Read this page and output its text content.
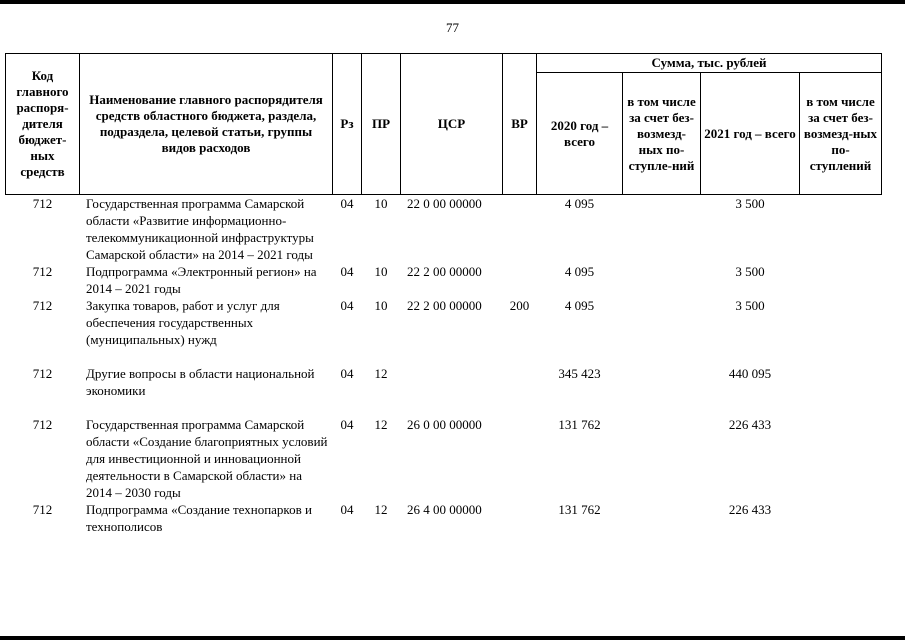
77
Код главного распоря-дителя бюджет-ных средств	Наименование главного распорядителя средств областного бюджета, раздела, подраздела, целевой статьи, группы видов расходов	Рз	ПР	ЦСР	ВР	Сумма, тыс. рублей			
						2020 год – всего	в том числе за счет без-возмезд-ных по-ступле-ний	2021 год – всего	в том числе за счет без-возмезд-ных по-ступлений
712	Государственная программа Самарской области «Развитие информационно-телекоммуникационной инфраструктуры Самарской области» на 2014 – 2021 годы	04	10	22 0 00 00000		4 095		3 500	
712	Подпрограмма «Электронный регион» на 2014 – 2021 годы	04	10	22 2 00 00000		4 095		3 500	
712	Закупка товаров, работ и услуг для обеспечения государственных (муниципальных) нужд	04	10	22 2 00 00000	200	4 095		3 500	
712	Другие вопросы в области национальной экономики	04	12			345 423		440 095	
712	Государственная программа Самарской области «Создание благоприятных условий для инвестиционной и инновационной деятельности в Самарской области» на 2014 – 2030 годы	04	12	26 0 00 00000		131 762		226 433	
712	Подпрограмма «Создание технопарков и технополисов	04	12	26 4 00 00000		131 762		226 433	
